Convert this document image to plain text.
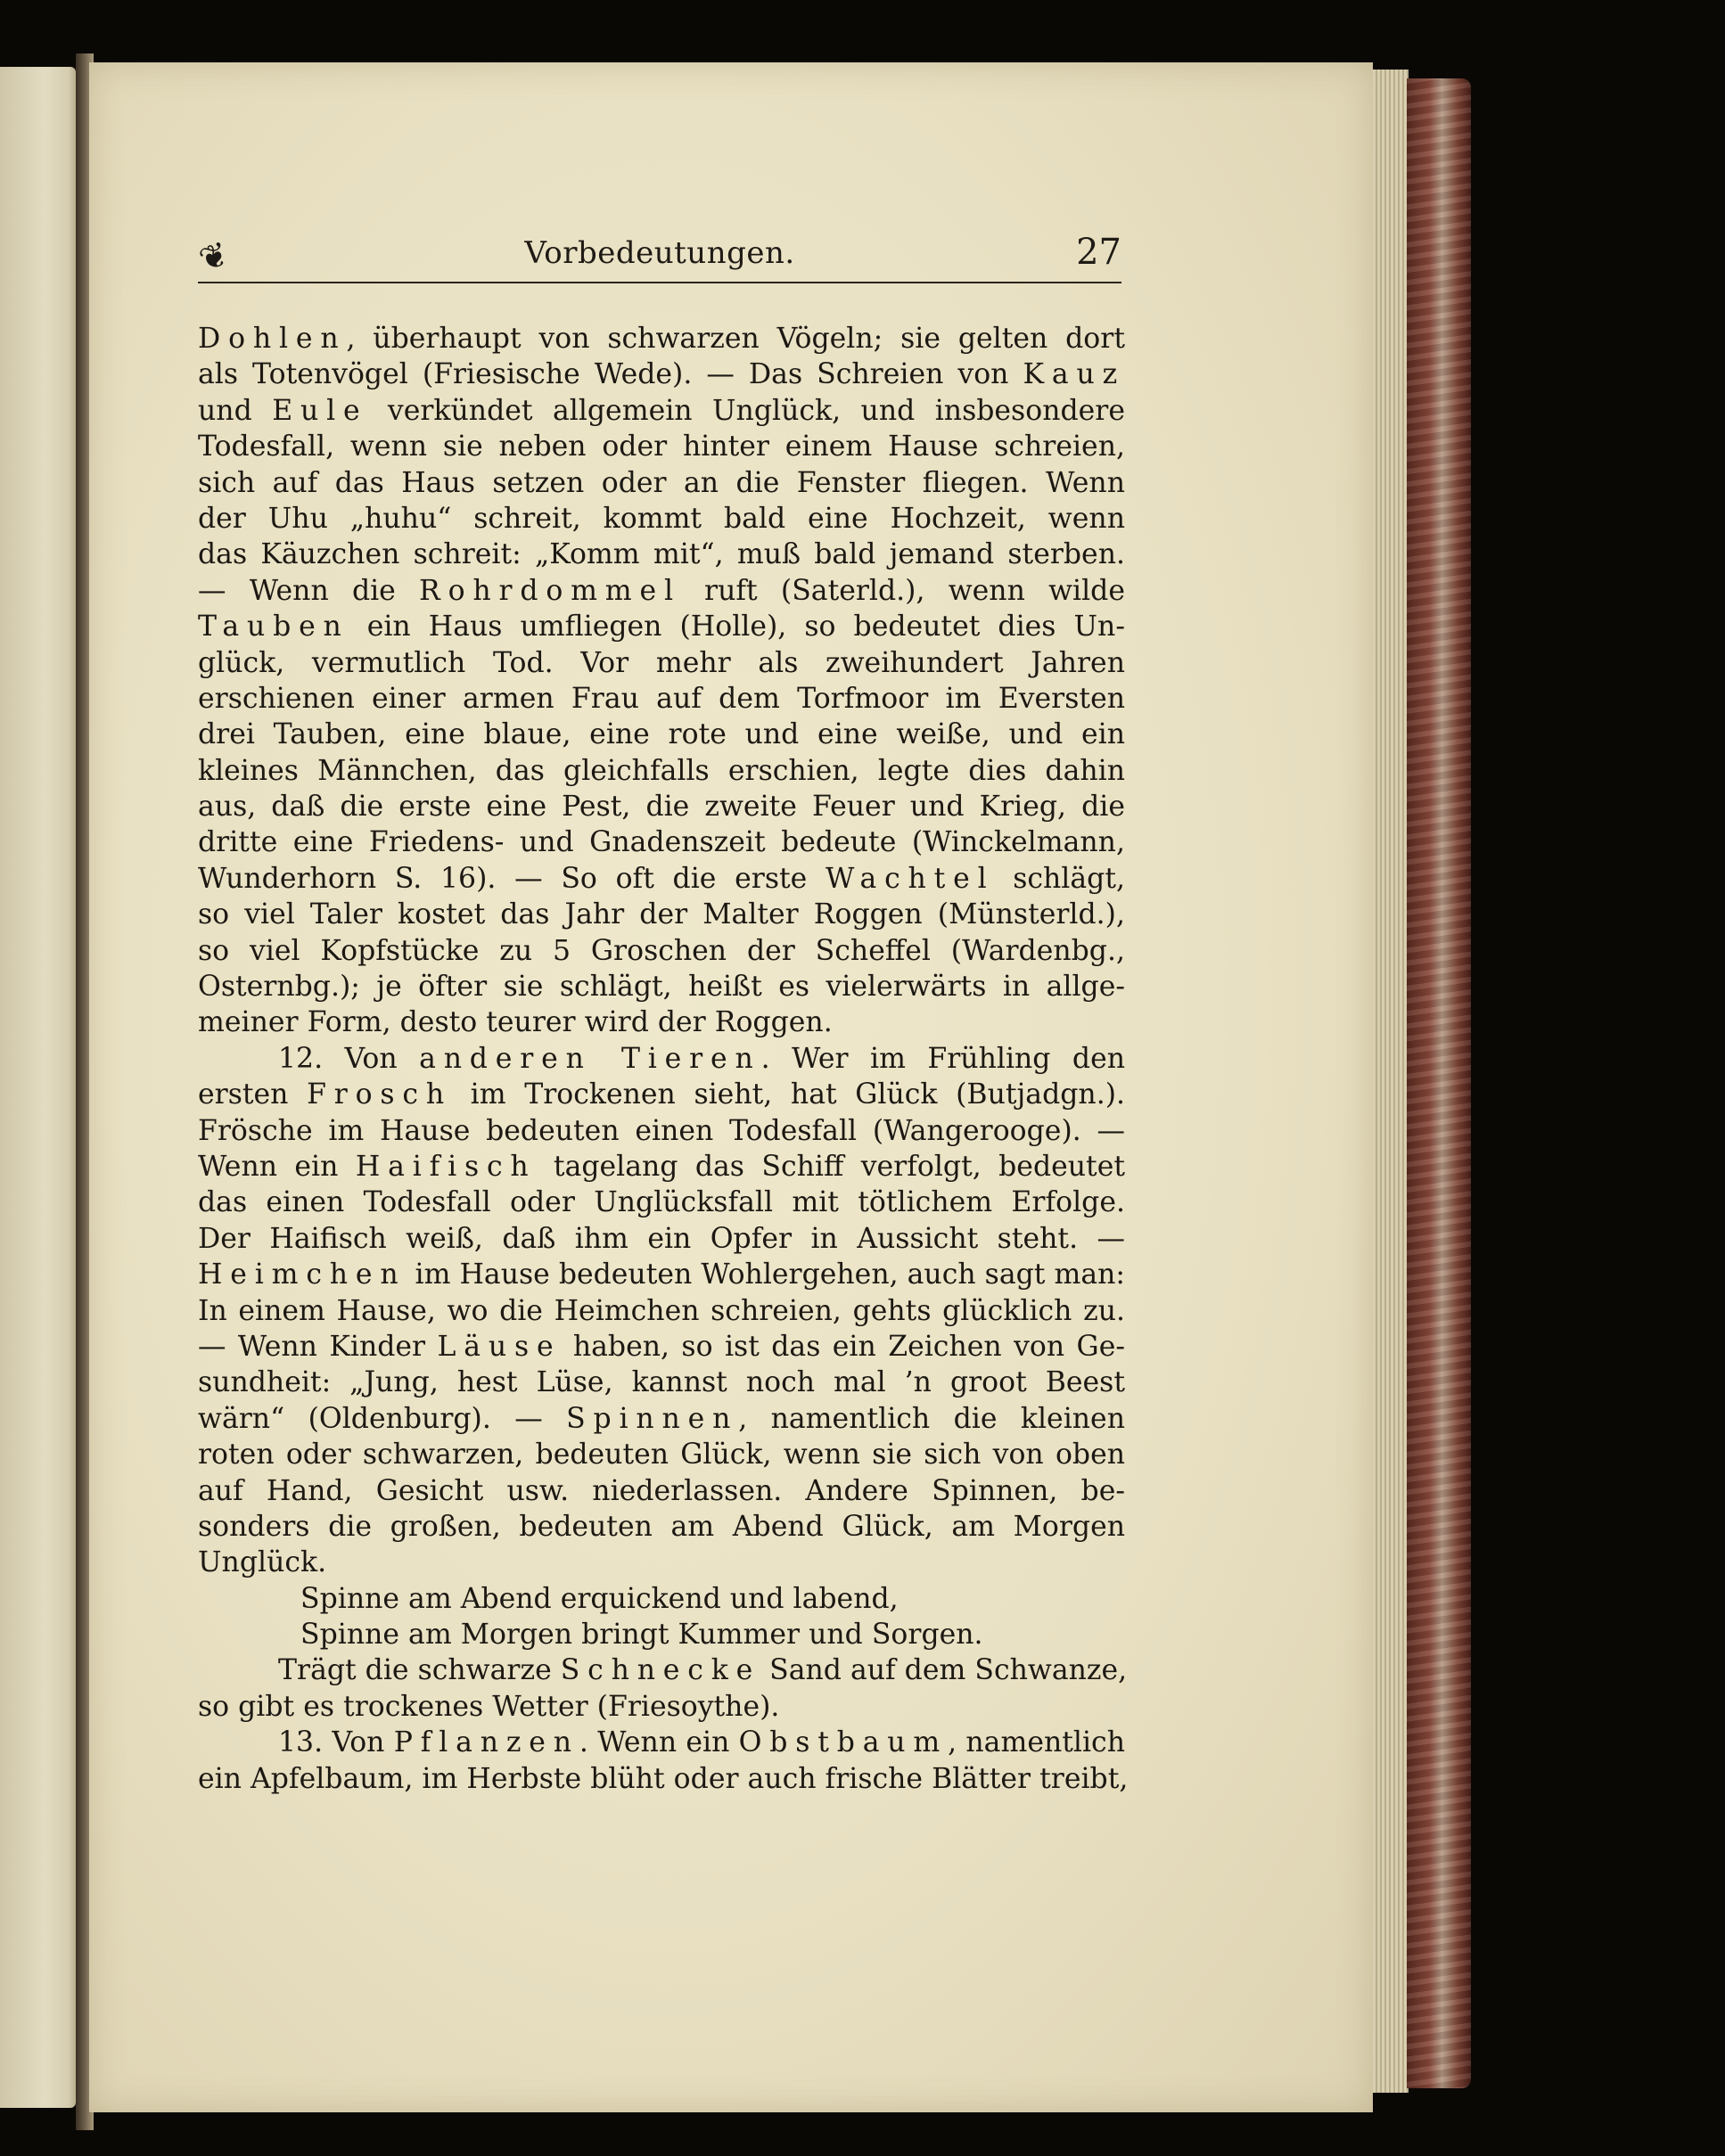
❦	Vorbedeutungen.	27
Dohlen, überhaupt von schwarzen Vögeln; sie gelten dort
als Totenvögel (Friesische Wede). — Das Schreien von Kauz
und Eule verkündet allgemein Unglück, und insbesondere
Todesfall, wenn sie neben oder hinter einem Hause schreien,
sich auf das Haus setzen oder an die Fenster fliegen. Wenn
der Uhu „huhu“ schreit, kommt bald eine Hochzeit, wenn
das Käuzchen schreit: „Komm mit“, muß bald jemand sterben.
— Wenn die Rohrdommel ruft (Saterld.), wenn wilde
Tauben ein Haus umfliegen (Holle), so bedeutet dies Un-
glück, vermutlich Tod. Vor mehr als zweihundert Jahren
erschienen einer armen Frau auf dem Torfmoor im Eversten
drei Tauben, eine blaue, eine rote und eine weiße, und ein
kleines Männchen, das gleichfalls erschien, legte dies dahin
aus, daß die erste eine Pest, die zweite Feuer und Krieg, die
dritte eine Friedens- und Gnadenszeit bedeute (Winckelmann,
Wunderhorn S. 16). — So oft die erste Wachtel schlägt,
so viel Taler kostet das Jahr der Malter Roggen (Münsterld.),
so viel Kopfstücke zu 5 Groschen der Scheffel (Wardenbg.,
Osternbg.); je öfter sie schlägt, heißt es vielerwärts in allge-
meiner Form, desto teurer wird der Roggen.
12. Von anderen Tieren. Wer im Frühling den
ersten Frosch im Trockenen sieht, hat Glück (Butjadgn.).
Frösche im Hause bedeuten einen Todesfall (Wangerooge). —
Wenn ein Haifisch tagelang das Schiff verfolgt, bedeutet
das einen Todesfall oder Unglücksfall mit tötlichem Erfolge.
Der Haifisch weiß, daß ihm ein Opfer in Aussicht steht. —
Heimchen im Hause bedeuten Wohlergehen, auch sagt man:
In einem Hause, wo die Heimchen schreien, gehts glücklich zu.
— Wenn Kinder Läuse haben, so ist das ein Zeichen von Ge-
sundheit: „Jung, hest Lüse, kannst noch mal ’n groot Beest
wärn“ (Oldenburg). — Spinnen, namentlich die kleinen
roten oder schwarzen, bedeuten Glück, wenn sie sich von oben
auf Hand, Gesicht usw. niederlassen. Andere Spinnen, be-
sonders die großen, bedeuten am Abend Glück, am Morgen
Unglück.
Spinne am Abend erquickend und labend,
Spinne am Morgen bringt Kummer und Sorgen.
Trägt die schwarze Schnecke Sand auf dem Schwanze,
so gibt es trockenes Wetter (Friesoythe).
13. Von Pflanzen. Wenn ein Obstbaum, namentlich
ein Apfelbaum, im Herbste blüht oder auch frische Blätter treibt,
